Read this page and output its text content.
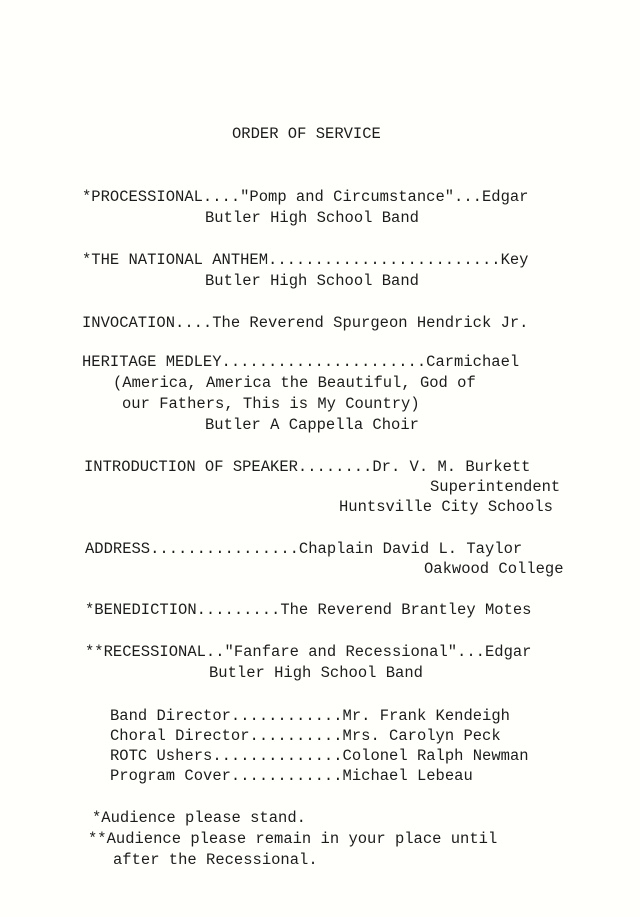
ORDER OF SERVICE
*PROCESSIONAL...."Pomp and Circumstance"...Edgar
Butler High School Band
*THE NATIONAL ANTHEM.........................Key
Butler High School Band
INVOCATION....The Reverend Spurgeon Hendrick Jr.
HERITAGE MEDLEY......................Carmichael
(America, America the Beautiful, God of
our Fathers, This is My Country)
Butler A Cappella Choir
INTRODUCTION OF SPEAKER........Dr. V. M. Burkett
Superintendent
Huntsville City Schools
ADDRESS................Chaplain David L. Taylor
Oakwood College
*BENEDICTION.........The Reverend Brantley Motes
**RECESSIONAL.."Fanfare and Recessional"...Edgar
Butler High School Band
Band Director............Mr. Frank Kendeigh
Choral Director..........Mrs. Carolyn Peck
ROTC Ushers..............Colonel Ralph Newman
Program Cover............Michael Lebeau
*Audience please stand.
**Audience please remain in your place until
after the Recessional.
